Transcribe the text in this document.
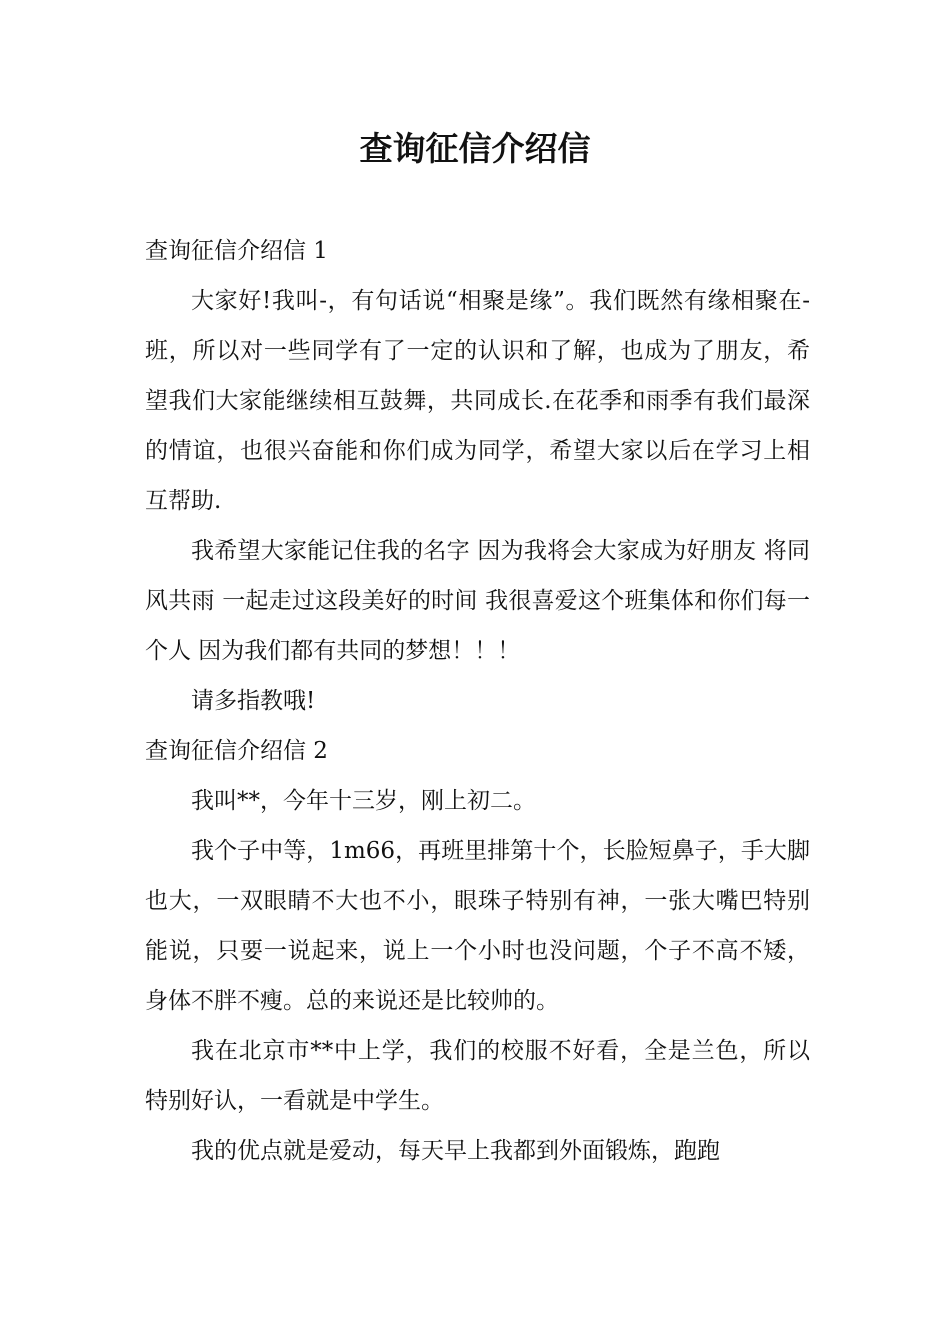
查询征信介绍信

查询征信介绍信 1

大家好!我叫-，有句话说“相聚是缘”。我们既然有缘相聚在-班，所以对一些同学有了一定的认识和了解，也成为了朋友，希望我们大家能继续相互鼓舞，共同成长.在花季和雨季有我们最深的情谊，也很兴奋能和你们成为同学，希望大家以后在学习上相互帮助.

我希望大家能记住我的名字 因为我将会大家成为好朋友 将同风共雨 一起走过这段美好的时间 我很喜爱这个班集体和你们每一个人 因为我们都有共同的梦想！！！

请多指教哦!

查询征信介绍信 2

我叫**，今年十三岁，刚上初二。

我个子中等，1m66，再班里排第十个，长脸短鼻子，手大脚也大，一双眼睛不大也不小，眼珠子特别有神，一张大嘴巴特别能说，只要一说起来，说上一个小时也没问题，个子不高不矮，身体不胖不瘦。总的来说还是比较帅的。

我在北京市**中上学，我们的校服不好看，全是兰色，所以特别好认，一看就是中学生。

我的优点就是爱动，每天早上我都到外面锻炼，跑跑
